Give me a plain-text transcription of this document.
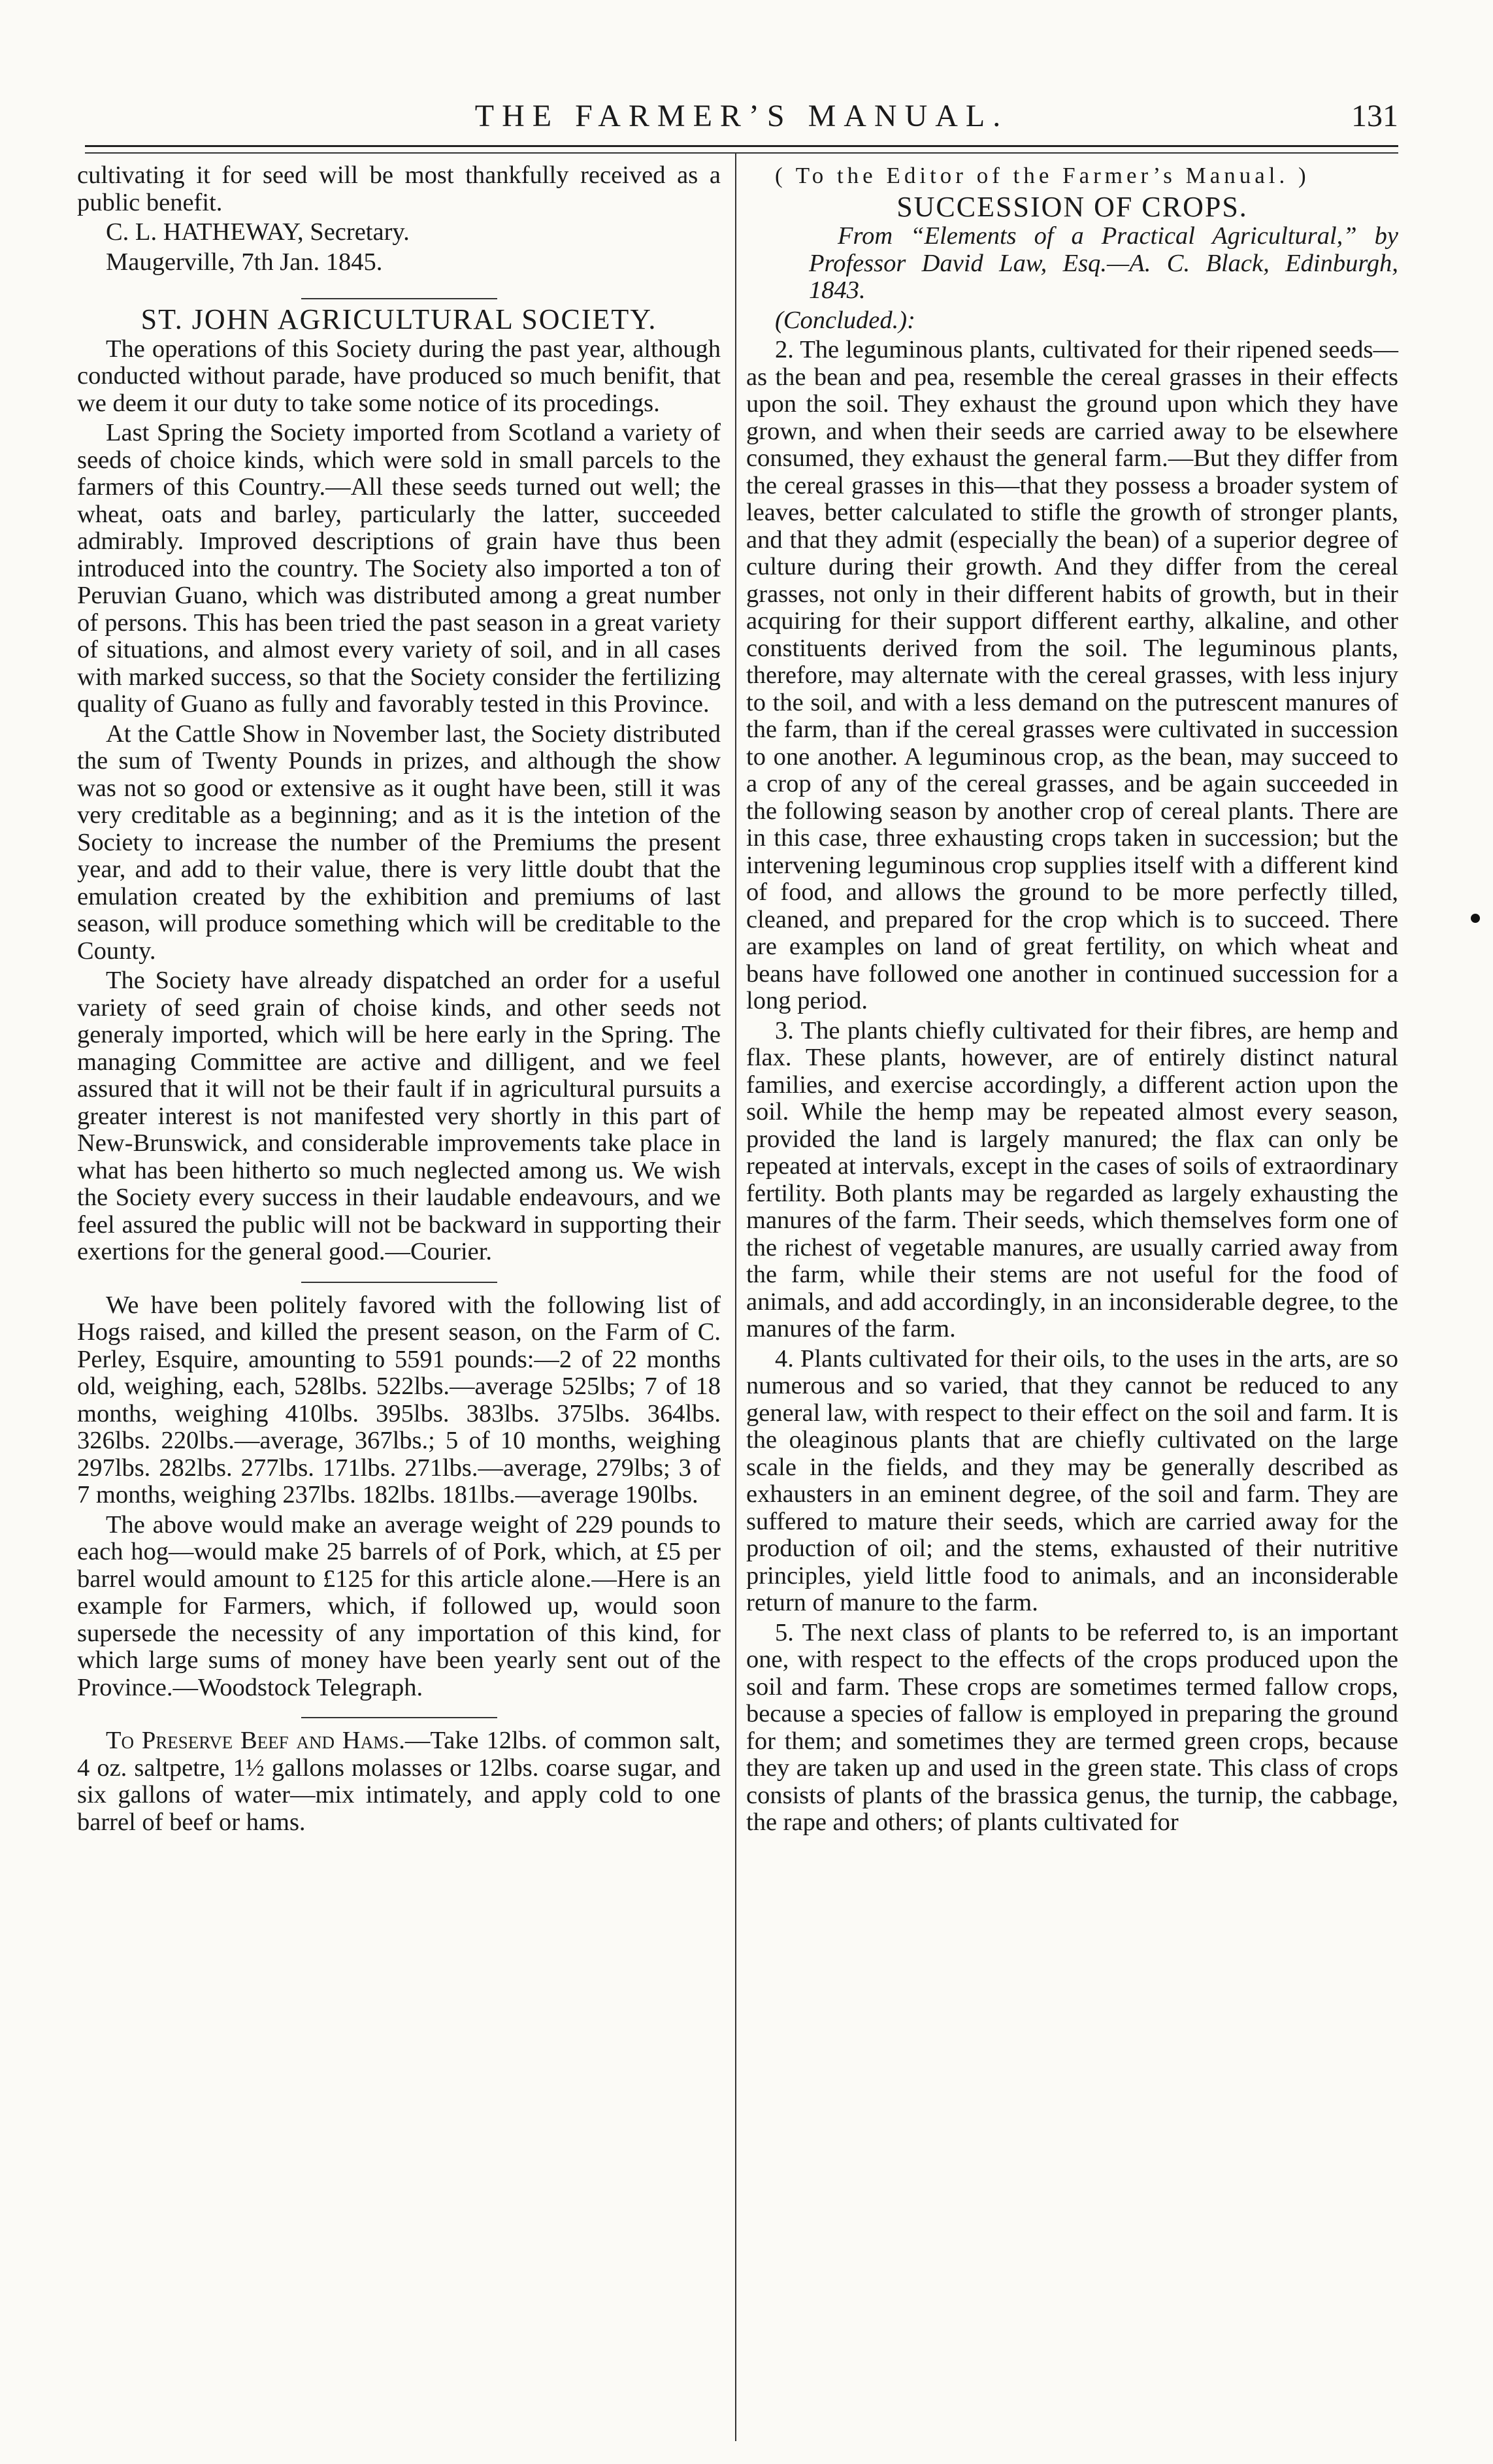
THE FARMER’S MANUAL.	131

cultivating it for seed will be most thankfully received as a public benefit.

C. L. HATHEWAY, Secretary.

Maugerville, 7th Jan. 1845.

ST. JOHN AGRICULTURAL SOCIETY.

The operations of this Society during the past year, although conducted without parade, have produced so much benifit, that we deem it our duty to take some notice of its procedings.

Last Spring the Society imported from Scotland a variety of seeds of choice kinds, which were sold in small parcels to the farmers of this Country.—All these seeds turned out well; the wheat, oats and barley, particularly the latter, succeeded admirably. Improved descriptions of grain have thus been introduced into the country. The Society also imported a ton of Peruvian Guano, which was distributed among a great number of persons. This has been tried the past season in a great variety of situations, and almost every variety of soil, and in all cases with marked success, so that the Society consider the fertilizing quality of Guano as fully and favorably tested in this Province.

At the Cattle Show in November last, the Society distributed the sum of Twenty Pounds in prizes, and although the show was not so good or extensive as it ought have been, still it was very creditable as a beginning; and as it is the intetion of the Society to increase the number of the Premiums the present year, and add to their value, there is very little doubt that the emulation created by the exhibition and premiums of last season, will produce something which will be creditable to the County.

The Society have already dispatched an order for a useful variety of seed grain of choise kinds, and other seeds not generaly imported, which will be here early in the Spring. The managing Committee are active and dilligent, and we feel assured that it will not be their fault if in agricultural pursuits a greater interest is not manifested very shortly in this part of New-Brunswick, and considerable improvements take place in what has been hitherto so much neglected among us. We wish the Society every success in their laudable endeavours, and we feel assured the public will not be backward in supporting their exertions for the general good.—Courier.

We have been politely favored with the following list of Hogs raised, and killed the present season, on the Farm of C. Perley, Esquire, amounting to 5591 pounds:—2 of 22 months old, weighing, each, 528lbs. 522lbs.—average 525lbs; 7 of 18 months, weighing 410lbs. 395lbs. 383lbs. 375lbs. 364lbs. 326lbs. 220lbs.—average, 367lbs.; 5 of 10 months, weighing 297lbs. 282lbs. 277lbs. 171lbs. 271lbs.—average, 279lbs; 3 of 7 months, weighing 237lbs. 182lbs. 181lbs.—average 190lbs.

The above would make an average weight of 229 pounds to each hog—would make 25 barrels of of Pork, which, at £5 per barrel would amount to £125 for this article alone.—Here is an example for Farmers, which, if followed up, would soon supersede the necessity of any importation of this kind, for which large sums of money have been yearly sent out of the Province.—Woodstock Telegraph.

To Preserve Beef and Hams.—Take 12lbs. of common salt, 4 oz. saltpetre, 1½ gallons molasses or 12lbs. coarse sugar, and six gallons of water—mix intimately, and apply cold to one barrel of beef or hams.

( To the Editor of the Farmer’s Manual. )

SUCCESSION OF CROPS.

From “Elements of a Practical Agricultural,” by Professor David Law, Esq.—A. C. Black, Edinburgh, 1843.

(Concluded.):

2. The leguminous plants, cultivated for their ripened seeds—as the bean and pea, resemble the cereal grasses in their effects upon the soil. They exhaust the ground upon which they have grown, and when their seeds are carried away to be elsewhere consumed, they exhaust the general farm.—But they differ from the cereal grasses in this—that they possess a broader system of leaves, better calculated to stifle the growth of stronger plants, and that they admit (especially the bean) of a superior degree of culture during their growth. And they differ from the cereal grasses, not only in their different habits of growth, but in their acquiring for their support different earthy, alkaline, and other constituents derived from the soil. The leguminous plants, therefore, may alternate with the cereal grasses, with less injury to the soil, and with a less demand on the putrescent manures of the farm, than if the cereal grasses were cultivated in succession to one another. A leguminous crop, as the bean, may succeed to a crop of any of the cereal grasses, and be again succeeded in the following season by another crop of cereal plants. There are in this case, three exhausting crops taken in succession; but the intervening leguminous crop supplies itself with a different kind of food, and allows the ground to be more perfectly tilled, cleaned, and prepared for the crop which is to succeed. There are examples on land of great fertility, on which wheat and beans have followed one another in continued succession for a long period.

3. The plants chiefly cultivated for their fibres, are hemp and flax. These plants, however, are of entirely distinct natural families, and exercise accordingly, a different action upon the soil. While the hemp may be repeated almost every season, provided the land is largely manured; the flax can only be repeated at intervals, except in the cases of soils of extraordinary fertility. Both plants may be regarded as largely exhausting the manures of the farm. Their seeds, which themselves form one of the richest of vegetable manures, are usually carried away from the farm, while their stems are not useful for the food of animals, and add accordingly, in an inconsiderable degree, to the manures of the farm.

4. Plants cultivated for their oils, to the uses in the arts, are so numerous and so varied, that they cannot be reduced to any general law, with respect to their effect on the soil and farm. It is the oleaginous plants that are chiefly cultivated on the large scale in the fields, and they may be generally described as exhausters in an eminent degree, of the soil and farm. They are suffered to mature their seeds, which are carried away for the production of oil; and the stems, exhausted of their nutritive principles, yield little food to animals, and an inconsiderable return of manure to the farm.

5. The next class of plants to be referred to, is an important one, with respect to the effects of the crops produced upon the soil and farm. These crops are sometimes termed fallow crops, because a species of fallow is employed in preparing the ground for them; and sometimes they are termed green crops, because they are taken up and used in the green state. This class of crops consists of plants of the brassica genus, the turnip, the cabbage, the rape and others; of plants cultivated for
